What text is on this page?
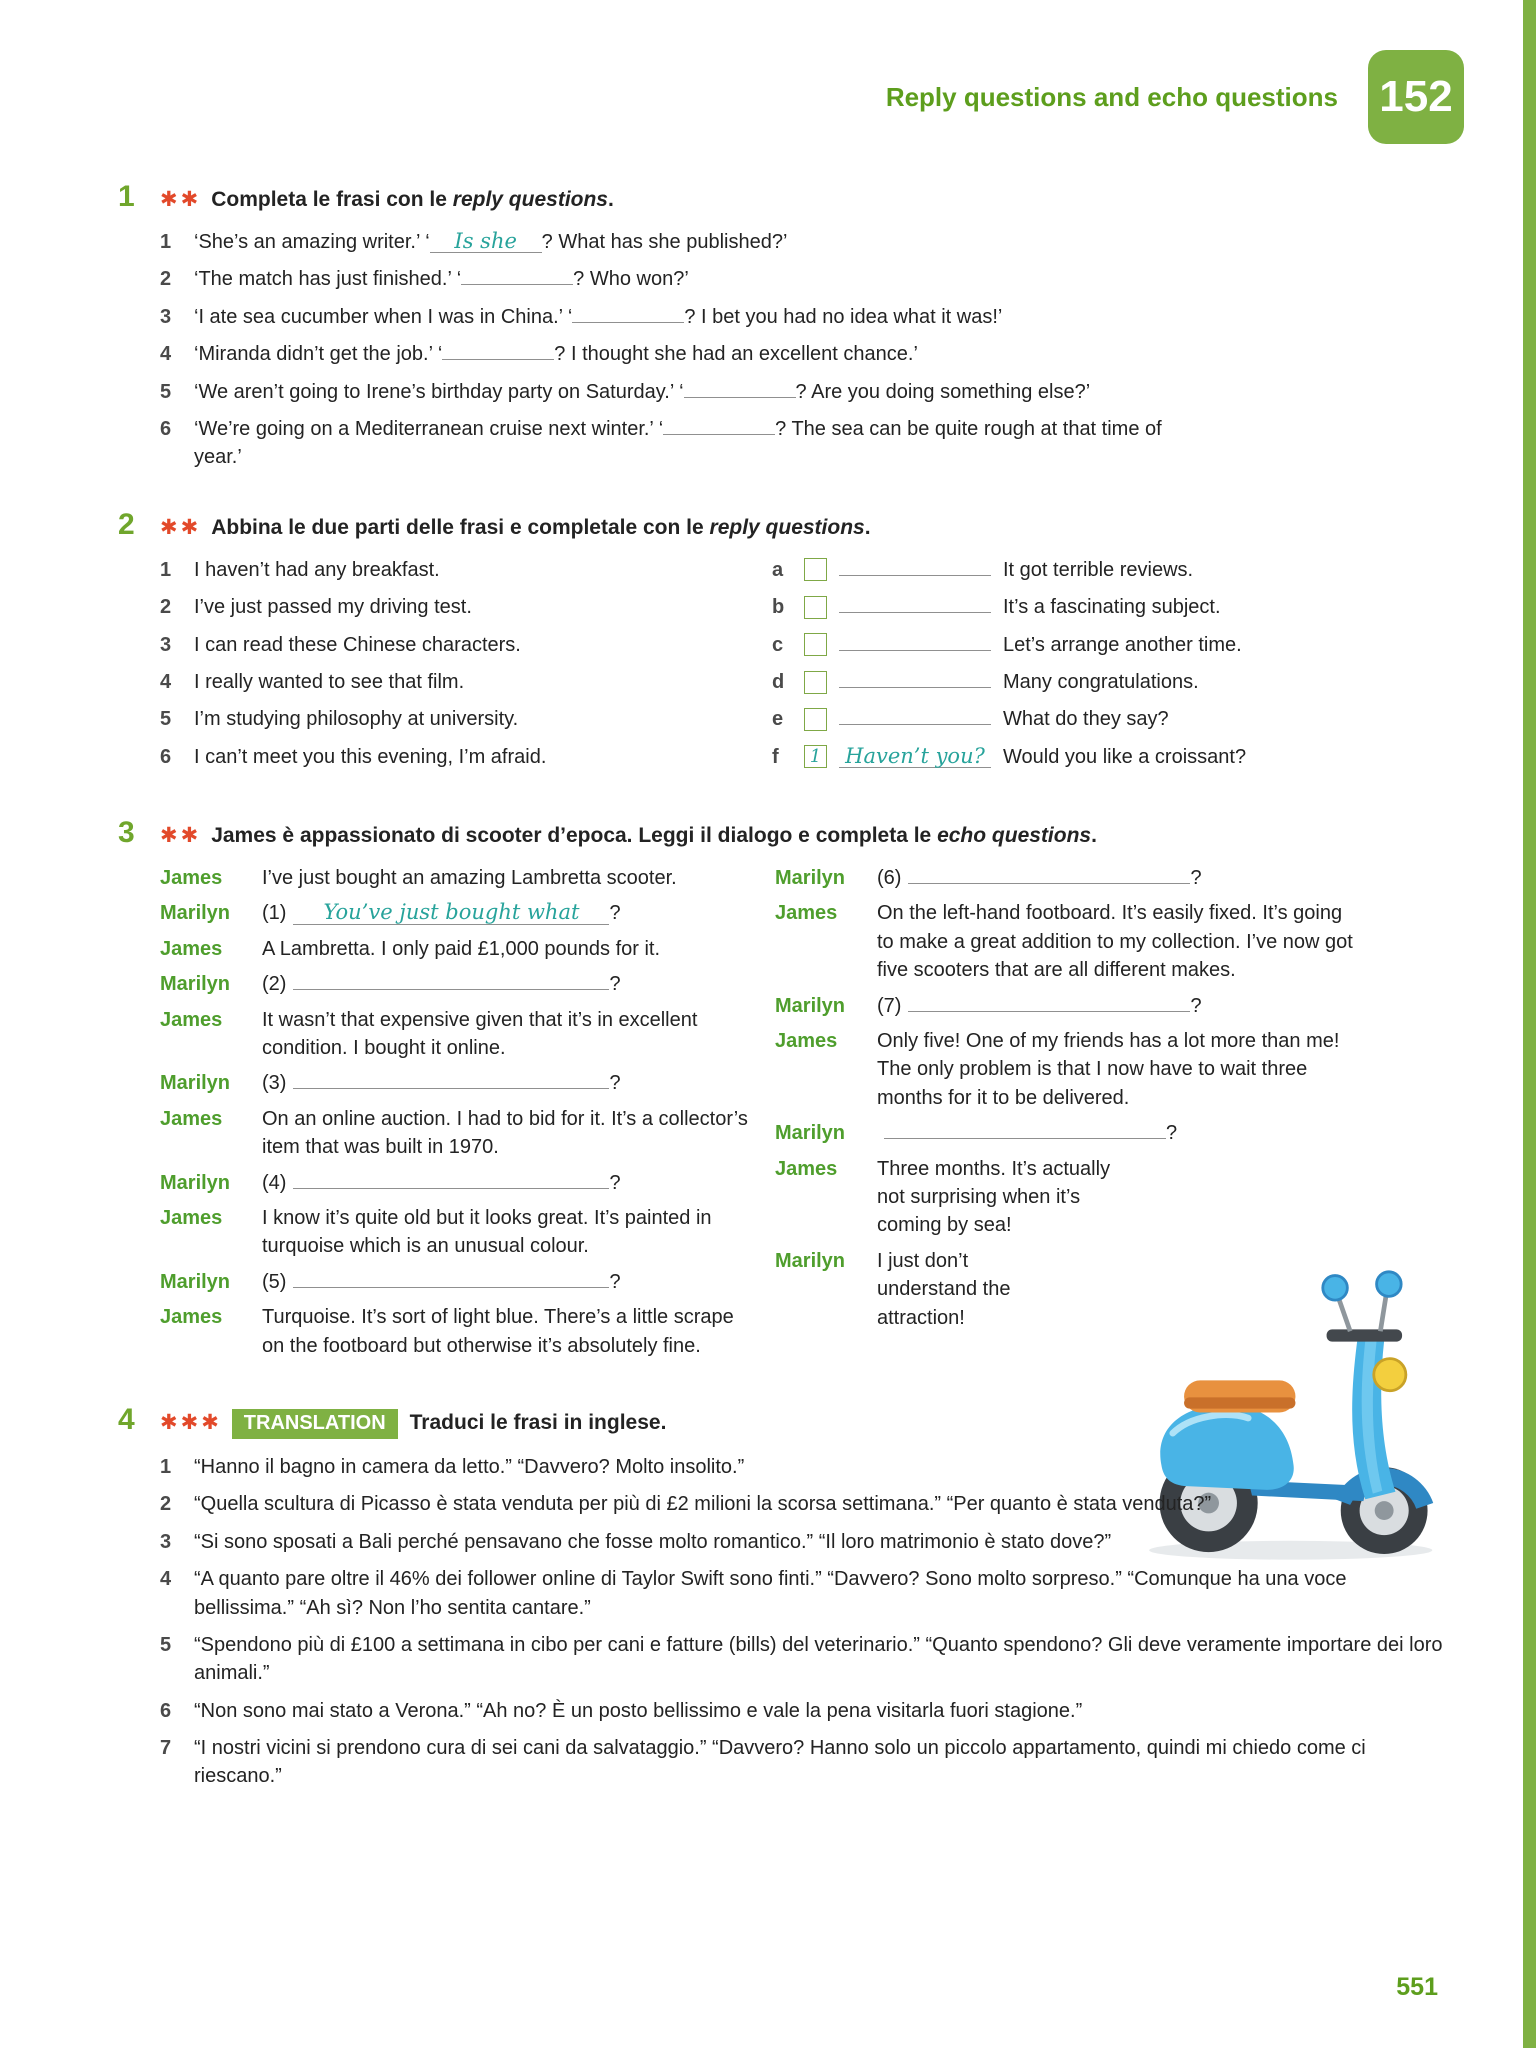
Reply questions and echo questions 152
1	✱✱ Completa le frasi con le reply questions.
1	‘She’s an amazing writer.’ ‘ Is she ? What has she published?’
2	‘The match has just finished.’ ‘	? Who won?’
3	‘I ate sea cucumber when I was in China.’ ‘	? I bet you had no idea what it was!’
4	‘Miranda didn’t get the job.’ ‘	? I thought she had an excellent chance.’
5	‘We aren’t going to Irene’s birthday party on Saturday.’ ‘	? Are you doing something else?’
6	‘We’re going on a Mediterranean cruise next winter.’ ‘	? The sea can be quite rough at that time of year.’
2	✱✱ Abbina le due parti delle frasi e completale con le reply questions.
1	I haven’t had any breakfast.
2	I’ve just passed my driving test.
3	I can read these Chinese characters.
4	I really wanted to see that film.
5	I’m studying philosophy at university.
6	I can’t meet you this evening, I’m afraid.
a	It got terrible reviews.
b	It’s a fascinating subject.
c	Let’s arrange another time.
d	Many congratulations.
e	What do they say?
f	1 Haven’t you? Would you like a croissant?
3	✱✱ James è appassionato di scooter d’epoca. Leggi il dialogo e completa le echo questions.
James	I’ve just bought an amazing Lambretta scooter.
Marilyn	(1) You’ve just bought what ?
James	A Lambretta. I only paid £1,000 pounds for it.
Marilyn	(2)	?
James	It wasn’t that expensive given that it’s in excellent condition. I bought it online.
Marilyn	(3)	?
James	On an online auction. I had to bid for it. It’s a collector’s item that was built in 1970.
Marilyn	(4)	?
James	I know it’s quite old but it looks great. It’s painted in turquoise which is an unusual colour.
Marilyn	(5)	?
James	Turquoise. It’s sort of light blue. There’s a little scrape on the footboard but otherwise it’s absolutely fine.
Marilyn	(6)	?
James	On the left-hand footboard. It’s easily fixed. It’s going to make a great addition to my collection. I’ve now got five scooters that are all different makes.
Marilyn	(7)	?
James	Only five! One of my friends has a lot more than me! The only problem is that I now have to wait three months for it to be delivered.
Marilyn	?
James	Three months. It’s actually not surprising when it’s coming by sea!
Marilyn	I just don’t understand the attraction!
4	✱✱✱	TRANSLATION	Traduci le frasi in inglese.
1	“Hanno il bagno in camera da letto.” “Davvero? Molto insolito.”
2	“Quella scultura di Picasso è stata venduta per più di £2 milioni la scorsa settimana.” “Per quanto è stata venduta?”
3	“Si sono sposati a Bali perché pensavano che fosse molto romantico.” “Il loro matrimonio è stato dove?”
4	“A quanto pare oltre il 46% dei follower online di Taylor Swift sono finti.” “Davvero? Sono molto sorpreso.” “Comunque ha una voce bellissima.” “Ah sì? Non l’ho sentita cantare.”
5	“Spendono più di £100 a settimana in cibo per cani e fatture (bills) del veterinario.” “Quanto spendono? Gli deve veramente importare dei loro animali.”
6	“Non sono mai stato a Verona.” “Ah no? È un posto bellissimo e vale la pena visitarla fuori stagione.”
7	“I nostri vicini si prendono cura di sei cani da salvataggio.” “Davvero? Hanno solo un piccolo appartamento, quindi mi chiedo come ci riescano.”
551
